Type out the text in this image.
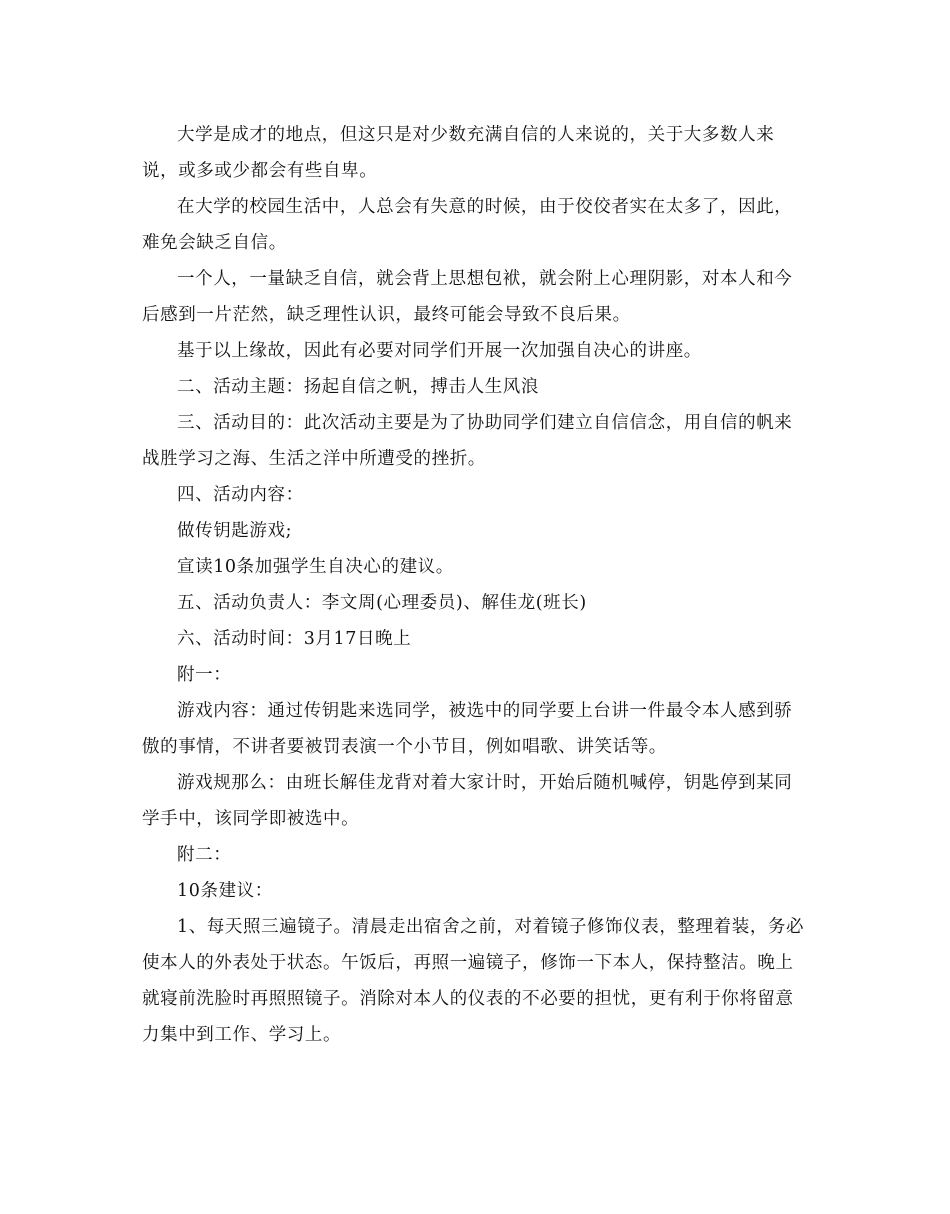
大学是成才的地点，但这只是对少数充满自信的人来说的，关于大多数人来说，或多或少都会有些自卑。

在大学的校园生活中，人总会有失意的时候，由于佼佼者实在太多了，因此，难免会缺乏自信。

一个人，一量缺乏自信，就会背上思想包袱，就会附上心理阴影，对本人和今后感到一片茫然，缺乏理性认识，最终可能会导致不良后果。

基于以上缘故，因此有必要对同学们开展一次加强自决心的讲座。

二、活动主题：扬起自信之帆，搏击人生风浪

三、活动目的：此次活动主要是为了协助同学们建立自信信念，用自信的帆来战胜学习之海、生活之洋中所遭受的挫折。

四、活动内容：

做传钥匙游戏;

宣读10条加强学生自决心的建议。

五、活动负责人：李文周(心理委员)、解佳龙(班长)

六、活动时间：3月17日晚上

附一：

游戏内容：通过传钥匙来选同学，被选中的同学要上台讲一件最令本人感到骄傲的事情，不讲者要被罚表演一个小节目，例如唱歌、讲笑话等。

游戏规那么：由班长解佳龙背对着大家计时，开始后随机喊停，钥匙停到某同学手中，该同学即被选中。

附二：

10条建议：

1、每天照三遍镜子。清晨走出宿舍之前，对着镜子修饰仪表，整理着装，务必使本人的外表处于状态。午饭后，再照一遍镜子，修饰一下本人，保持整洁。晚上就寝前洗脸时再照照镜子。消除对本人的仪表的不必要的担忧，更有利于你将留意力集中到工作、学习上。
